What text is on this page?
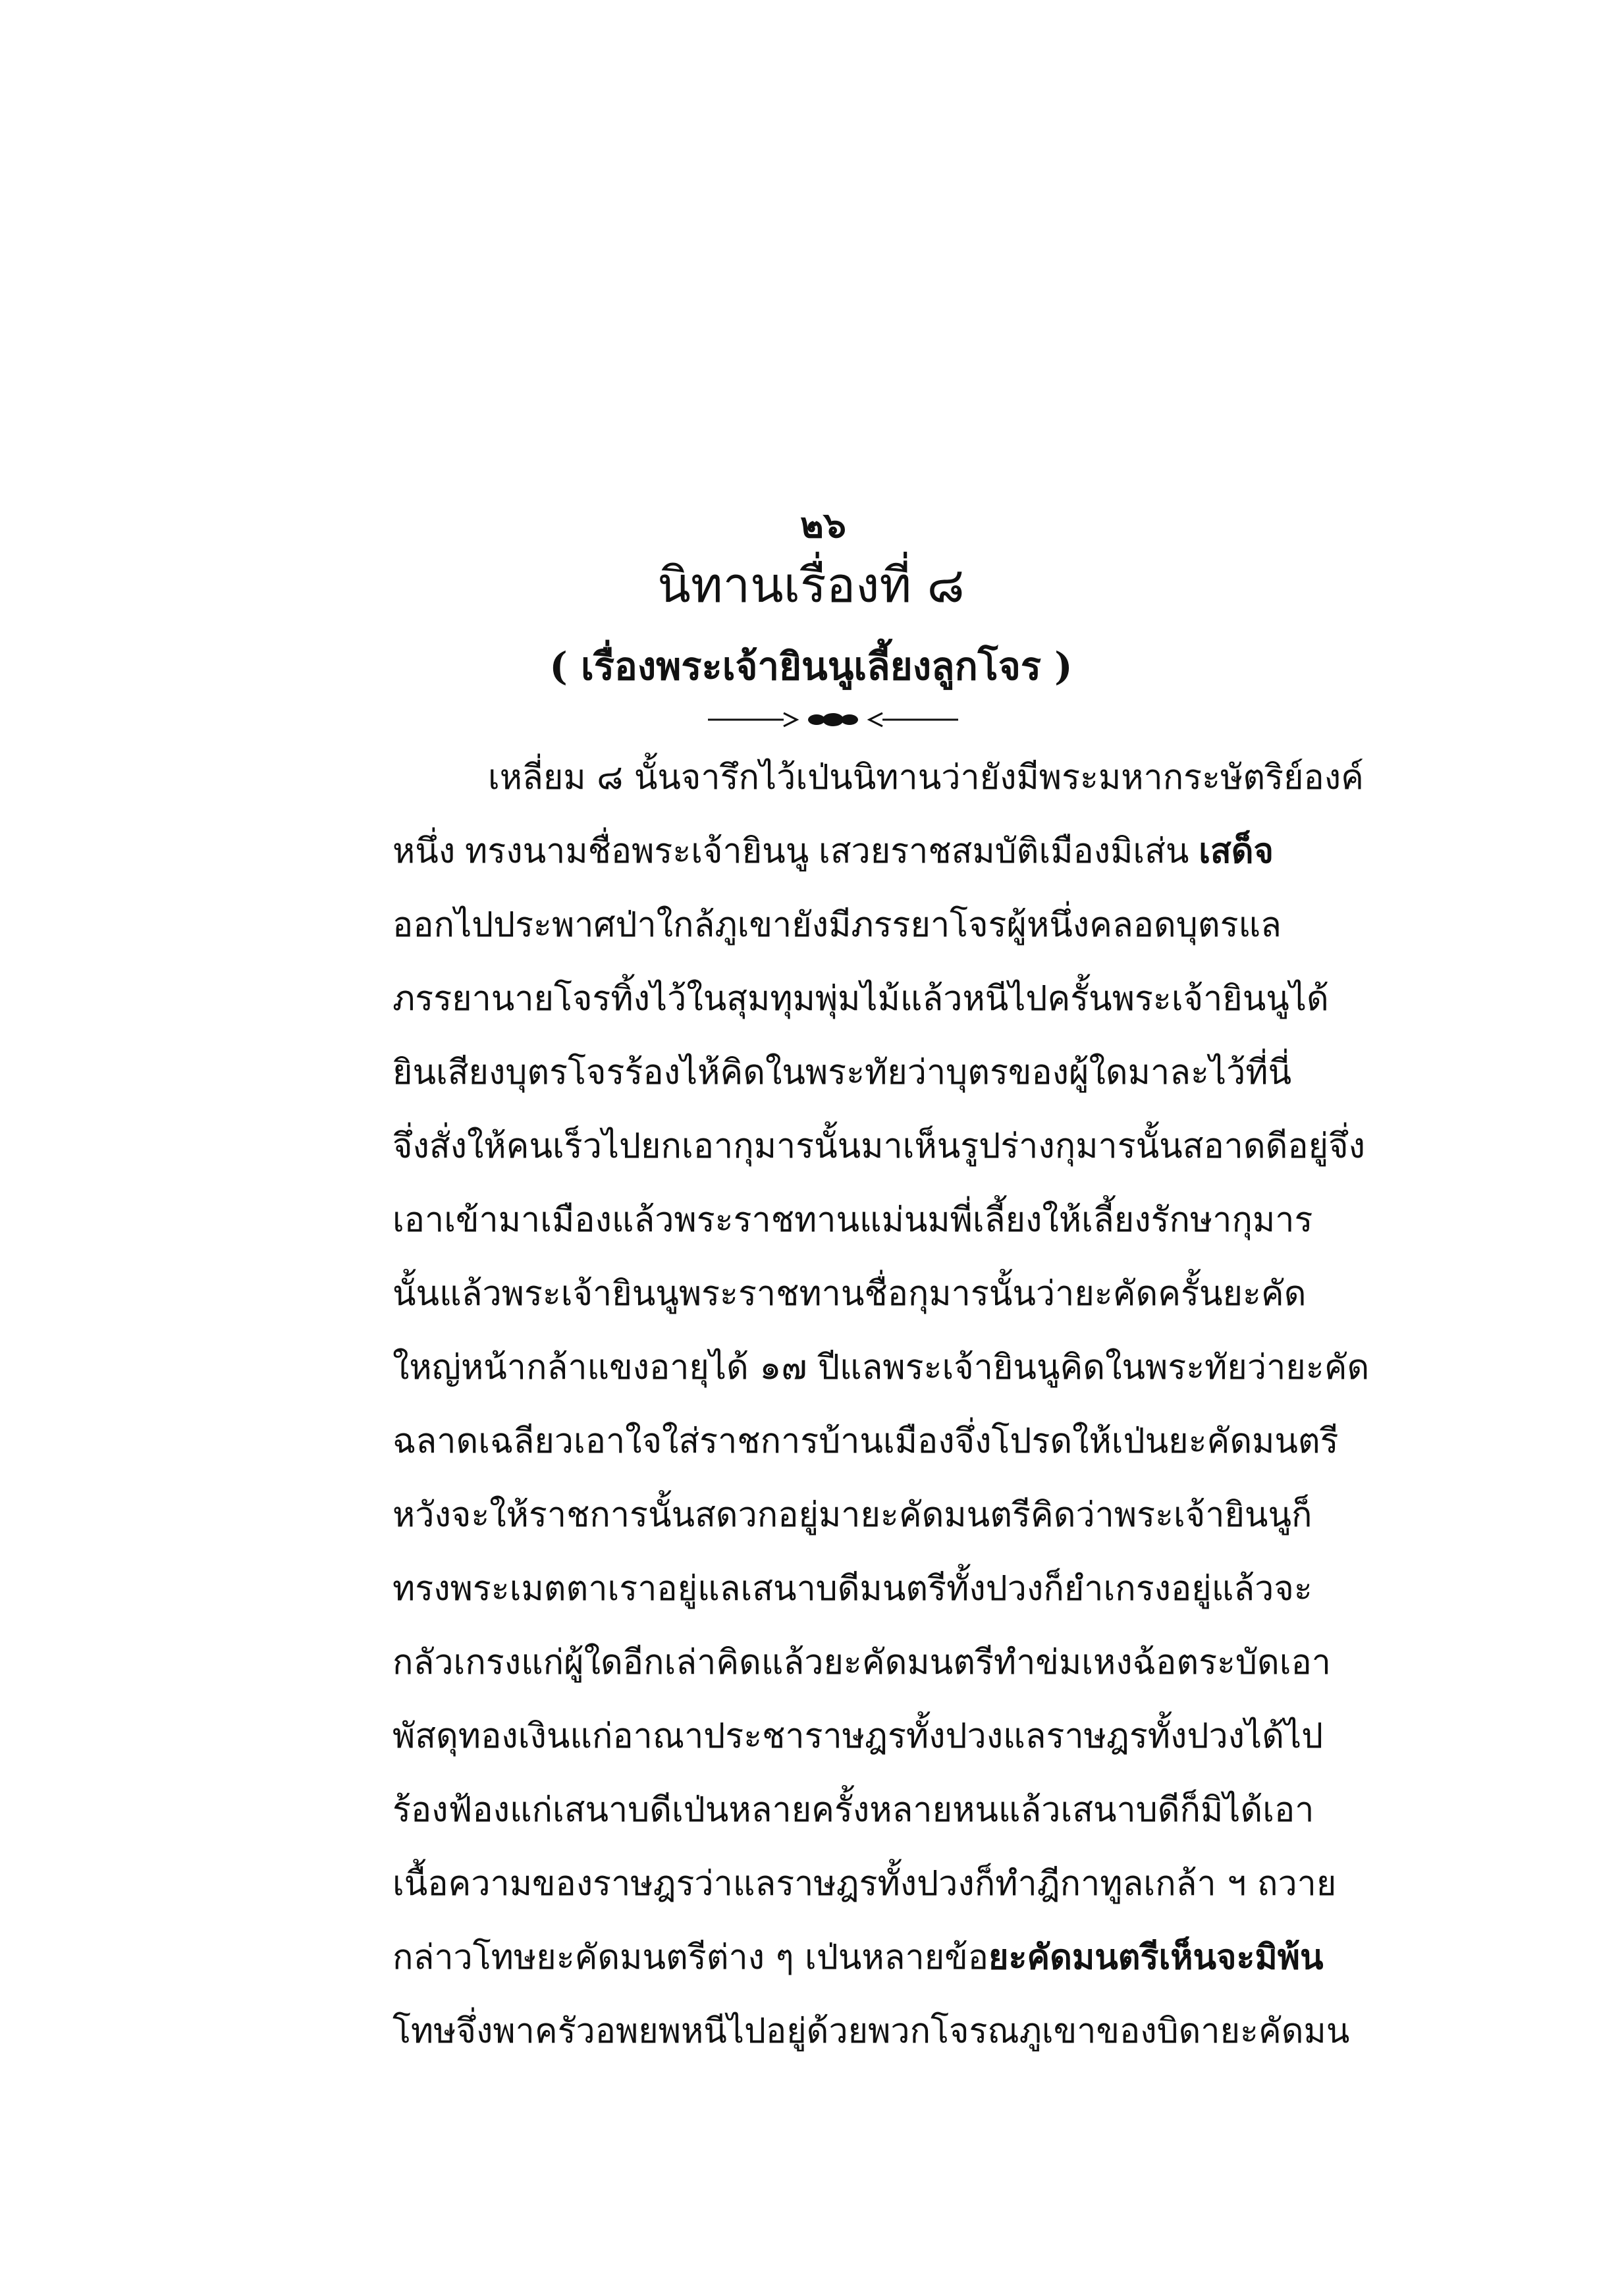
๒๖
นิทานเรื่องที่ ๘
( เรื่องพระเจ้ายินนูเลี้ยงลูกโจร )
เหลี่ยม ๘ นั้นจารึกไว้เป่นนิทานว่า ยังมีพระมหากระษัตริย์องค์
หนึ่ง ทรงนามชื่อพระเจ้ายินนู เสวยราชสมบัติเมืองมิเส่น เสด็จ
ออกไปประพาศป่าใกล้ภูเขา ยังมีภรรยาโจรผู้หนึ่งคลอดบุตร แล
ภรรยานายโจรทิ้งไว้ในสุมทุมพุ่มไม้แล้วหนีไป ครั้นพระเจ้ายินนูได้
ยินเสียงบุตรโจรร้องไห้ คิดในพระทัยว่าบุตรของผู้ใดมาละไว้ที่นี่
จึ่งสั่งให้คนเร็วไปยกเอากุมารนั้นมา เห็นรูปร่างกุมารนั้นสอาดดีอยู่จึ่ง
เอาเข้ามาเมือง แล้วพระราชทานแม่นมพี่เลี้ยงให้เลี้ยงรักษากุมาร
นั้น แล้วพระเจ้ายินนูพระราชทานชื่อกุมารนั้นว่า ยะคัด ครั้นยะคัด
ใหญ่หน้ากล้าแขงอายุได้ ๑๗ ปี แลพระเจ้ายินนูคิดในพระทัยว่า ยะคัด
ฉลาดเฉลียวเอาใจใส่ราชการบ้านเมือง จึ่งโปรดให้เป่นยะคัดมนตรี
หวังจะให้ราชการนั้นสดวก อยู่มายะคัดมนตรีคิดว่า พระเจ้ายินนูก็
ทรงพระเมตตาเราอยู่ แลเสนาบดีมนตรีทั้งปวงก็ยำเกรงอยู่แล้ว จะ
กลัวเกรงแก่ผู้ใดอีกเล่า คิดแล้วยะคัดมนตรีทำข่มเหงฉ้อตระบัดเอา
พัสดุทองเงินแก่อาณาประชาราษฎรทั้งปวง แลราษฎรทั้งปวงได้ไป
ร้องฟ้องแก่เสนาบดีเป่นหลายครั้งหลายหนแล้ว เสนาบดีก็มิได้เอา
เนื้อความของราษฎรว่า แลราษฎรทั้งปวงก็ทำฎีกาทูลเกล้า ฯ ถวาย
กล่าวโทษยะคัดมนตรีต่าง ๆ เป่นหลายข้อ ยะคัดมนตรีเห็นจะมิพ้น
โทษ จึ่งพาครัวอพยพหนีไปอยู่ด้วยพวกโจรณภูเขาของบิดายะคัดมน
